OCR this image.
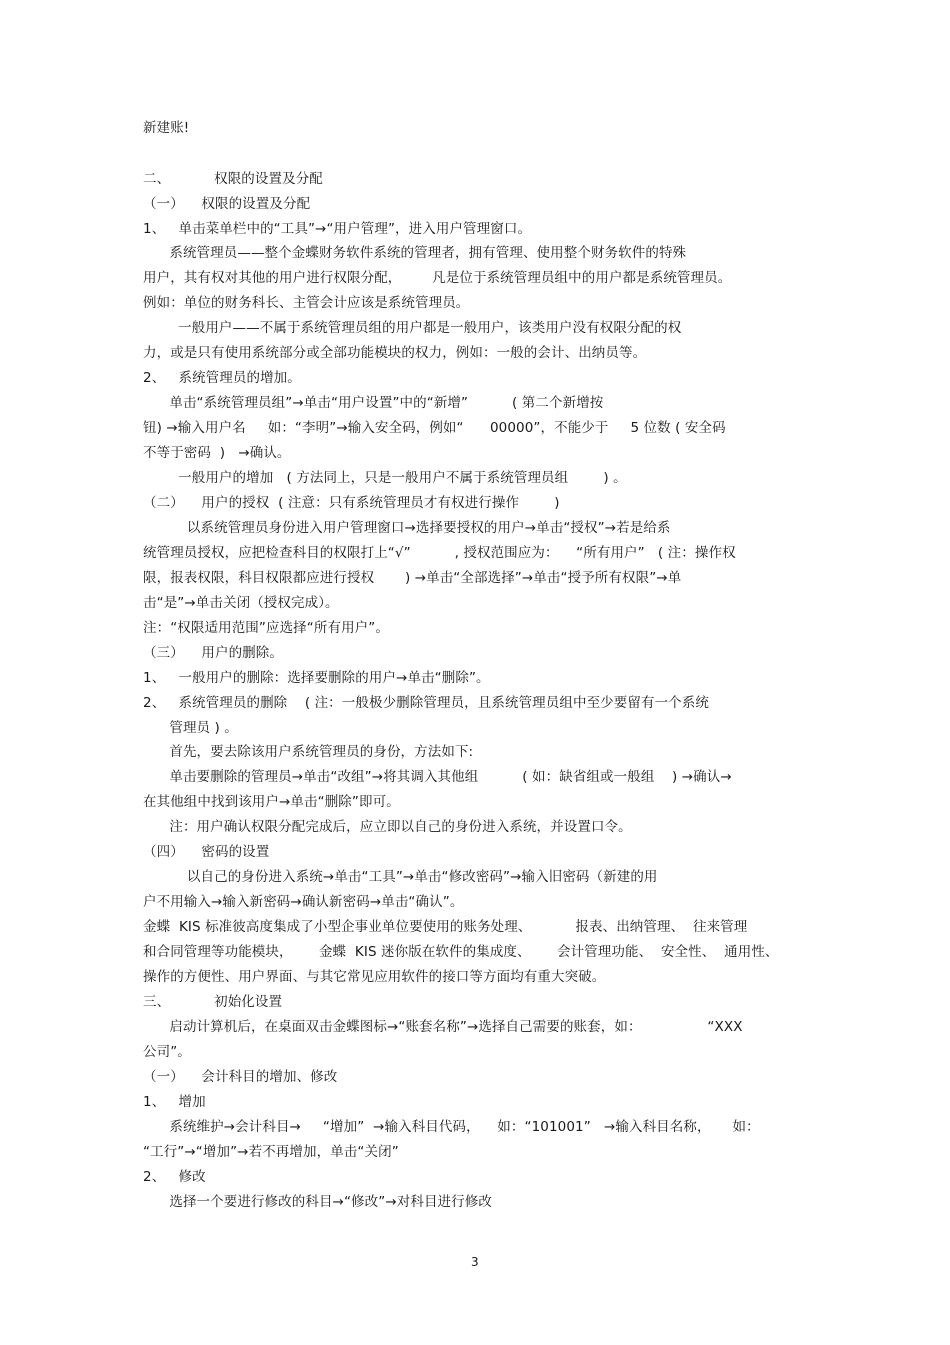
新建账!
二、          权限的设置及分配
（一）    权限的设置及分配
1、   单击菜单栏中的“工具”→“用户管理”，进入用户管理窗口。
系统管理员——整个金蝶财务软件系统的管理者，拥有管理、使用整个财务软件的特殊
用户，其有权对其他的用户进行权限分配，       凡是位于系统管理员组中的用户都是系统管理员。
例如：单位的财务科长、主管会计应该是系统管理员。
一般用户——不属于系统管理员组的用户都是一般用户，该类用户没有权限分配的权
力，或是只有使用系统部分或全部功能模块的权力，例如：一般的会计、出纳员等。
2、   系统管理员的增加。
单击“系统管理员组”→单击“用户设置”中的“新增”          ( 第二个新增按
钮) →输入用户名     如：“李明”→输入安全码，例如“      00000”，不能少于     5 位数 ( 安全码
不等于密码  )   →确认。
一般用户的增加   ( 方法同上，只是一般用户不属于系统管理员组        ) 。
（二）    用户的授权  ( 注意：只有系统管理员才有权进行操作        )
以系统管理员身份进入用户管理窗口→选择要授权的用户→单击“授权”→若是给系
统管理员授权，应把检查科目的权限打上“√”          , 授权范围应为：    “所有用户”   ( 注：操作权
限，报表权限，科目权限都应进行授权       ) →单击“全部选择”→单击“授予所有权限”→单
击“是”→单击关闭（授权完成）。
注：“权限适用范围”应选择“所有用户”。
（三）    用户的删除。
1、   一般用户的删除：选择要删除的用户→单击“删除”。
2、   系统管理员的删除    ( 注：一般极少删除管理员，且系统管理员组中至少要留有一个系统
管理员 ) 。
首先，要去除该用户系统管理员的身份，方法如下:
单击要删除的管理员→单击“改组”→将其调入其他组          ( 如：缺省组或一般组    ) →确认→
在其他组中找到该用户→单击“删除”即可。
注：用户确认权限分配完成后，应立即以自己的身份进入系统，并设置口令。
（四）    密码的设置
以自己的身份进入系统→单击“工具”→单击“修改密码”→输入旧密码（新建的用
户不用输入→输入新密码→确认新密码→单击“确认”。
金蝶  KIS 标准彼高度集成了小型企事业单位要使用的账务处理、          报表、出纳管理、  往来管理
和合同管理等功能模块，      金蝶  KIS 迷你版在软件的集成度、      会计管理功能、  安全性、  通用性、
操作的方便性、用户界面、与其它常见应用软件的接口等方面均有重大突破。
三、          初始化设置
启动计算机后，在桌面双击金蝶图标→“账套名称”→选择自己需要的账套，如：               “XXX
公司”。
（一）    会计科目的增加、修改
1、   增加
系统维护→会计科目→     “增加”  →输入科目代码，    如：“101001”   →输入科目名称，     如：
“工行”→“增加”→若不再增加，单击“关闭”
2、   修改
选择一个要进行修改的科目→“修改”→对科目进行修改
3
